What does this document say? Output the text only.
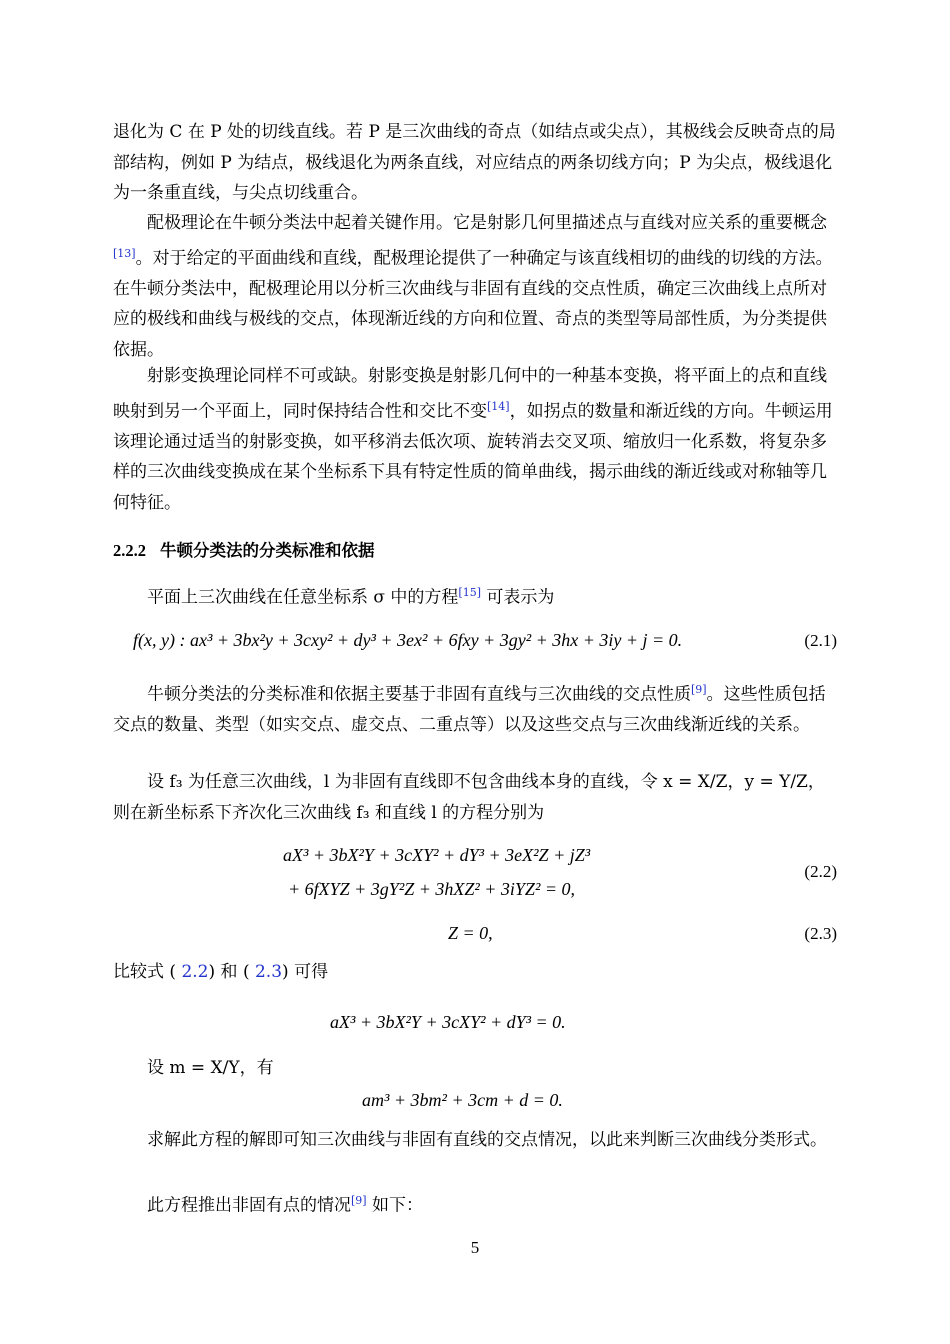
退化为 C 在 P 处的切线直线。若 P 是三次曲线的奇点（如结点或尖点），其极线会反映奇点的局部结构，例如 P 为结点，极线退化为两条直线，对应结点的两条切线方向；P 为尖点，极线退化为一条重直线，与尖点切线重合。

配极理论在牛顿分类法中起着关键作用。它是射影几何里描述点与直线对应关系的重要概念[13]。对于给定的平面曲线和直线，配极理论提供了一种确定与该直线相切的曲线的切线的方法。在牛顿分类法中，配极理论用以分析三次曲线与非固有直线的交点性质，确定三次曲线上点所对应的极线和曲线与极线的交点，体现渐近线的方向和位置、奇点的类型等局部性质，为分类提供依据。

射影变换理论同样不可或缺。射影变换是射影几何中的一种基本变换，将平面上的点和直线映射到另一个平面上，同时保持结合性和交比不变[14]，如拐点的数量和渐近线的方向。牛顿运用该理论通过适当的射影变换，如平移消去低次项、旋转消去交叉项、缩放归一化系数，将复杂多样的三次曲线变换成在某个坐标系下具有特定性质的简单曲线，揭示曲线的渐近线或对称轴等几何特征。

2.2.2 牛顿分类法的分类标准和依据

平面上三次曲线在任意坐标系 σ 中的方程[15] 可表示为

f(x, y) : ax³ + 3bx²y + 3cxy² + dy³ + 3ex² + 6fxy + 3gy² + 3hx + 3iy + j = 0.	(2.1)

牛顿分类法的分类标准和依据主要基于非固有直线与三次曲线的交点性质[9]。这些性质包括交点的数量、类型（如实交点、虚交点、二重点等）以及这些交点与三次曲线渐近线的关系。

设 f₃ 为任意三次曲线，l 为非固有直线即不包含曲线本身的直线，令 x = X/Z，y = Y/Z，则在新坐标系下齐次化三次曲线 f₃ 和直线 l 的方程分别为

aX³ + 3bX²Y + 3cXY² + dY³ + 3eX²Z + jZ³
+ 6fXYZ + 3gY²Z + 3hXZ² + 3iYZ² = 0,
(2.2)
Z = 0,	(2.3)

比较式 ( 2.2) 和 ( 2.3) 可得

aX³ + 3bX²Y + 3cXY² + dY³ = 0.

设 m = X/Y，有

am³ + 3bm² + 3cm + d = 0.

求解此方程的解即可知三次曲线与非固有直线的交点情况，以此来判断三次曲线分类形式。

此方程推出非固有点的情况[9] 如下：

5
